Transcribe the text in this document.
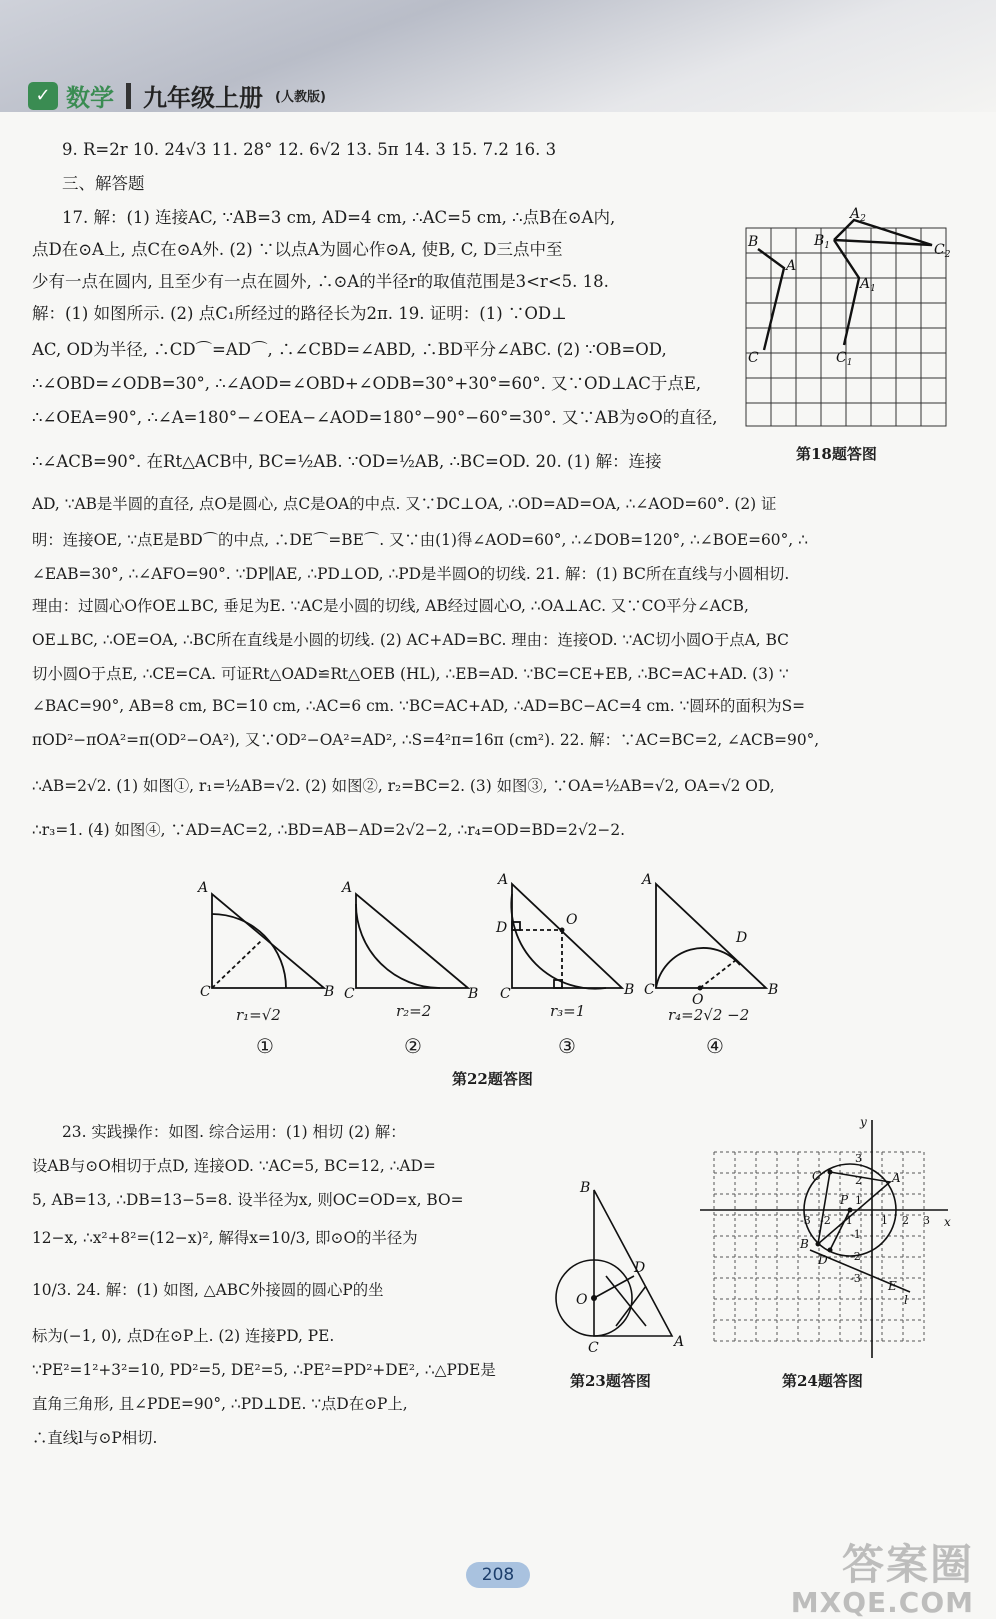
✓ 数学 九年级上册 (人教版)
9. R=2r 10. 24√3 11. 28° 12. 6√2 13. 5π 14. 3 15. 7.2 16. 3
三、解答题
17. 解：(1) 连接AC, ∵AB=3 cm, AD=4 cm, ∴AC=5 cm, ∴点B在⊙A内,
点D在⊙A上, 点C在⊙A外. (2) ∵以点A为圆心作⊙A, 使B, C, D三点中至
少有一点在圆内, 且至少有一点在圆外, ∴⊙A的半径r的取值范围是3<r<5. 18.
解：(1) 如图所示. (2) 点C₁所经过的路径长为2π. 19. 证明：(1) ∵OD⊥
AC, OD为半径, ∴CD⌒=AD⌒, ∴∠CBD=∠ABD, ∴BD平分∠ABC. (2) ∵OB=OD,
∴∠OBD=∠ODB=30°, ∴∠AOD=∠OBD+∠ODB=30°+30°=60°. 又∵OD⊥AC于点E,
∴∠OEA=90°, ∴∠A=180°−∠OEA−∠AOD=180°−90°−60°=30°. 又∵AB为⊙O的直径,
∴∠ACB=90°. 在Rt△ACB中, BC=½AB. ∵OD=½AB, ∴BC=OD. 20. (1) 解：连接
AD, ∵AB是半圆的直径, 点O是圆心, 点C是OA的中点. 又∵DC⊥OA, ∴OD=AD=OA, ∴∠AOD=60°. (2) 证
明：连接OE, ∵点E是BD⌒的中点, ∴DE⌒=BE⌒. 又∵由(1)得∠AOD=60°, ∴∠DOB=120°, ∴∠BOE=60°, ∴
∠EAB=30°, ∴∠AFO=90°. ∵DP∥AE, ∴PD⊥OD, ∴PD是半圆O的切线. 21. 解：(1) BC所在直线与小圆相切.
理由：过圆心O作OE⊥BC, 垂足为E. ∵AC是小圆的切线, AB经过圆心O, ∴OA⊥AC. 又∵CO平分∠ACB,
OE⊥BC, ∴OE=OA, ∴BC所在直线是小圆的切线. (2) AC+AD=BC. 理由：连接OD. ∵AC切小圆O于点A, BC
切小圆O于点E, ∴CE=CA. 可证Rt△OAD≌Rt△OEB (HL), ∴EB=AD. ∵BC=CE+EB, ∴BC=AC+AD. (3) ∵
∠BAC=90°, AB=8 cm, BC=10 cm, ∴AC=6 cm. ∵BC=AC+AD, ∴AD=BC−AC=4 cm. ∵圆环的面积为S=
πOD²−πOA²=π(OD²−OA²), 又∵OD²−OA²=AD², ∴S=4²π=16π (cm²). 22. 解：∵AC=BC=2, ∠ACB=90°,
∴AB=2√2. (1) 如图①, r₁=½AB=√2. (2) 如图②, r₂=BC=2. (3) 如图③, ∵OA=½AB=√2, OA=√2 OD,
∴r₃=1. (4) 如图④, ∵AD=AC=2, ∴BD=AB−AD=2√2−2, ∴r₄=OD=BD=2√2−2.
B
A
C
$B_1$
$A_2$
$C_2$
$A_1$
$C_1$
第18题答图
A
C	B
A
C	B
A
D	O
C	B
A
D
C
O
B
r₁=√2	r₂=2	r₃=1	r₄=2√2 −2
①	②	③	④
第22题答图
23. 实践操作：如图. 综合运用：(1) 相切 (2) 解：
设AB与⊙O相切于点D, 连接OD. ∵AC=5, BC=12, ∴AD=
5, AB=13, ∴DB=13−5=8. 设半径为x, 则OC=OD=x, BO=
12−x, ∴x²+8²=(12−x)², 解得x=10/3, 即⊙O的半径为
10/3. 24. 解：(1) 如图, △ABC外接圆的圆心P的坐
标为(−1, 0), 点D在⊙P上. (2) 连接PD, PE.
∵PE²=1²+3²=10, PD²=5, DE²=5, ∴PE²=PD²+DE², ∴△PDE是
直角三角形, 且∠PDE=90°, ∴PD⊥DE. ∵点D在⊙P上,
∴直线l与⊙P相切.
B
O
D
C	A
第23题答图
y
x
C	A
P
B
D
E
l
3
2
1
1 2 3
-3 -2 -1
-1
-2
-3
第24题答图
208	答案圈
MXQE.COM
